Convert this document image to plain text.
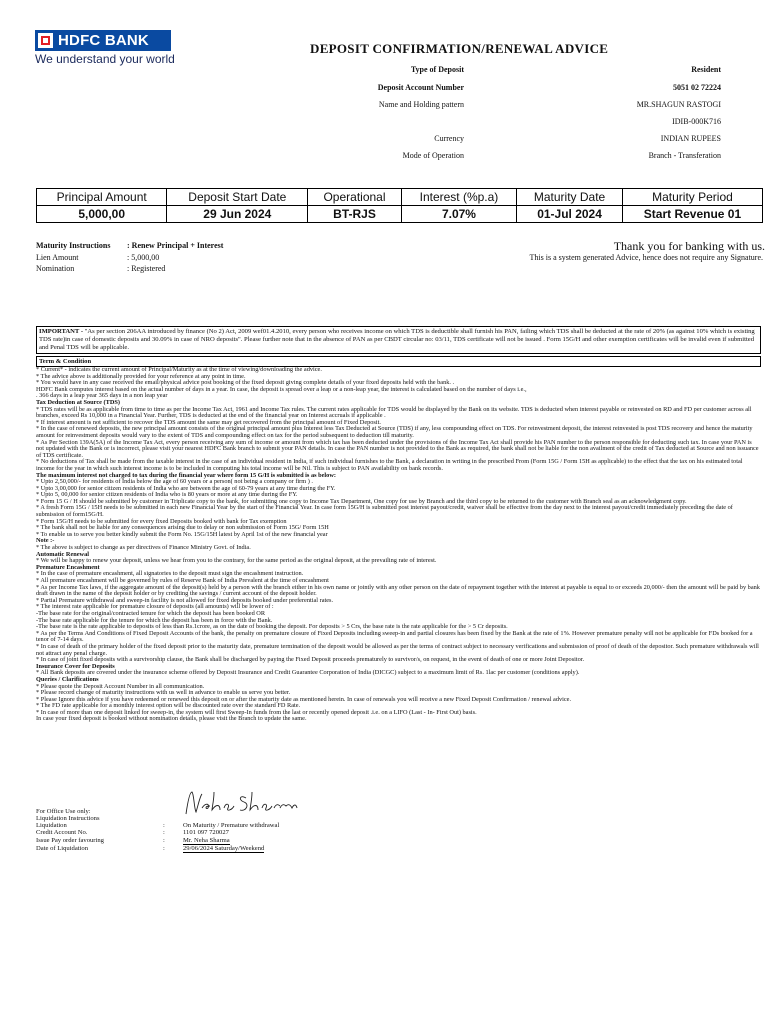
HDFC BANK
We understand your world
DEPOSIT CONFIRMATION/RENEWAL ADVICE
Type of Deposit	Resident
Deposit Account Number	5051 02 72224
Name and Holding pattern	MR.SHAGUN RASTOGI
IDIB-000K716
Currency	INDIAN RUPEES
Mode of Operation	Branch - Transferation
Principal Amount	Deposit Start Date	Operational	Interest (%p.a)	Maturity Date	Maturity Period
5,000,00	29 Jun 2024	BT-RJS	7.07%	01-Jul 2024	Start Revenue 01
Maturity Instructions : Renew Principal + Interest
Lien Amount	: 5,000,00
Nomination	: Registered
Thank you for banking with us.
This is a system generated Advice, hence does not require any Signature.
IMPORTANT - "As per section 206AA introduced by finance (No 2) Act, 2009 wef01.4.2010, every person who receives income on which TDS is deductible shall furnish his PAN, failing which TDS shall be deducted at the rate of 20% (as against 10% which is existing TDS rate)in case of domestic deposits and 30.09% in case of NRO deposits". Please further note that in the absence of PAN as per CBDT circular no: 03/11, TDS certificate will not be issued . Form 15G/H and other exemption certificates will be invalid even if submitted and Penal TDS will be applicable.
Term & Condition
* Current* - indicates the current amount of Principal/Maturity as at the time of viewing/downloading the advice.
* The advice above is additionally provided for your reference at any point in time.
* You would have in any case received the email/physical advice post booking of the fixed deposit giving complete details of your fixed deposits held with the bank. .
HDFC Bank computes interest based on the actual number of days in a year. In case, the deposit is spread over a leap or a non-leap year, the interest is calculated based on the number of days i.e.,
. 366 days in a leap year 365 days in a non leap year
Tax Deduction at Source (TDS)
* TDS rates will be as applicable from time to time as per the Income Tax Act, 1961 and Income Tax rules. The current rates applicable for TDS would be displayed by the Bank on its website. TDS is deducted when interest payable or reinvested on RD and FD per customer across all branches, exceed Rs 10,000 in a Financial Year. Further, TDS is deducted at the end of the financial year on Interest accruals if applicable .
* If interest amount is not sufficient to recover the TDS amount the same may get recovered from the principal amount of Fixed Deposit.
* In the case of renewed deposits, the new principal amount consists of the original principal amount plus Interest less Tax Deducted at Source (TDS) if any, less compounding effect on TDS. For reinvestment deposit, the interest reinvested is post TDS recovery and hence the maturity amount for reinvestment deposits would vary to the extent of TDS and compounding effect on tax for the period subsequent to deduction till maturity.
* As Per Section 139A(5A) of the Income Tax Act, every person receiving any sum of income or amount from which tax has been deducted under the provisions of the Income Tax Act shall provide his PAN number to the person responsible for deducting such tax. In case your PAN is not updated with the Bank or is incorrect, please visit your nearest HDFC Bank branch to submit your PAN details. In case the PAN number is not provided to the Bank as required, the bank shall not be liable for the non availment of the credit of Tax deducted at Source and non issuance of TDS certificate.
* No deductions of Tax shall be made from the taxable interest in the case of an individual resident in India, if such individual furnishes to the Bank, a declaration in writing in the prescribed From (Form 15G / Form 15H as applicable) to the effect that the tax on his estimated total income for the year in which such interest income is to be included in computing his total income will be Nil. This is subject to PAN availability on bank records.
The maximum interest not charged to tax during the financial year where form 15 G/H is submitted is as below:
* Upto 2,50,000/- for residents of India below the age of 60 years or a person( not being a company or firm ) .
* Upto 3,00,000 for senior citizen residents of India who are between the age of 60-79 years at any time during the FY.
* Upto 5, 00,000 for senior citizen residents of India who is 80 years or more at any time during the FY.
* Form 15 G / H should be submitted by customer in Triplicate copy to the bank, for submitting one copy to Income Tax Department, One copy for use by Branch and the third copy to be returned to the customer with Branch seal as an acknowledgment copy.
* A fresh Form 15G / 15H needs to be submitted in each new Financial Year by the start of the Financial Year. In case form 15G/H is submitted post interest payout/credit, waiver shall be effective from the day next to the interest payout/credit immediately preceding the date of submission of form15G/H.
* Form 15G/H needs to be submitted for every fixed Deposits booked with bank for Tax exemption
* The bank shall not be liable for any consequences arising due to delay or non submission of Form 15G/ Form 15H
* To enable us to serve you better kindly submit the Form No. 15G/15H latest by April 1st of the new financial year
Note :-
* The above is subject to change as per directives of Finance Ministry Govt. of India.
Automatic Renewal
* We will be happy to renew your deposit, unless we hear from you to the contrary, for the same period as the original deposit, at the prevailing rate of interest.
Premature Encashment
* In the case of premature encashment, all signatories to the deposit must sign the encashment instruction.
* All premature encashment will be governed by rules of Reserve Bank of India Prevalent at the time of encashment
* As per Income Tax laws, if the aggregate amount of the deposit(s) held by a person with the branch either in his own name or jointly with any other person on the date of repayment together with the interest at payable is equal to or exceeds 20,000/- then the amount will be paid by bank draft drawn in the name of the deposit holder or by crediting the savings / current account of the deposit holder.
* Partial Premature withdrawal and sweep-in facility is not allowed for fixed deposits booked under preferential rates.
* The interest rate applicable for premature closure of deposits (all amounts) will be lower of :
-The base rate for the original/contracted tenure for which the deposit has been booked OR
-The base rate applicable for the tenure for which the deposit has been in force with the Bank.
-The base rate is the rate applicable to deposits of less than Rs.1crore, as on the date of booking the deposit. For deposits > 5 Crs, the base rate is the rate applicable for the > 5 Cr deposits.
* As per the Terms And Conditions of Fixed Deposit Accounts of the bank, the penalty on premature closure of Fixed Deposits including sweep-in and partial closures has been fixed by the Bank at the rate of 1%. However premature penalty will not be applicable for FDs booked for a tenor of 7-14 days.
* In case of death of the primary holder of the fixed deposit prior to the maturity date, premature termination of the deposit would be allowed as per the terms of contract subject to necessary verifications and submission of proof of death of the depositor. Such premature withdrawals will not attract any penal charge.
* In case of joint fixed deposits with a survivorship clause, the Bank shall be discharged by paying the Fixed Deposit proceeds prematurely to survivor/s, on request, in the event of death of one or more Joint Depositor.
Insurance Cover for Deposits
* All Bank deposits are covered under the insurance scheme offered by Deposit Insurance and Credit Guarantee Corporation of India (DICGC) subject to a maximum limit of Rs. 1lac per customer (conditions apply).
Queries / Clarifications
* Please quote the Deposit Account Number in all communication.
* Please record change of maturity instructions with us well in advance to enable us serve you better.
* Please Ignore this advice if you have redeemed or renewed this deposit on or after the maturity date as mentioned herein. In case of renewals you will receive a new Fixed Deposit Confirmation / renewal advice.
* The FD rate applicable for a monthly interest option will be discounted rate over the standard FD Rate.
* In case of more than one deposit linked for sweep-in, the system will first Sweep-In funds from the last or recently opened deposit .i.e. on a LIFO (Last - In- First Out) basis.
In case your fixed deposit is booked without nomination details, please visit the Branch to update the same.
For Office Use only:
Liquidation Instructions
Liquidation	:	On Maturity / Premature withdrawal
Credit Account No.	:	1101 097 720027
Issue Pay order favouring	:	Mr. Neha Sharma
Date of Liquidation	:	29/06/2024 Saturday/Weekend
